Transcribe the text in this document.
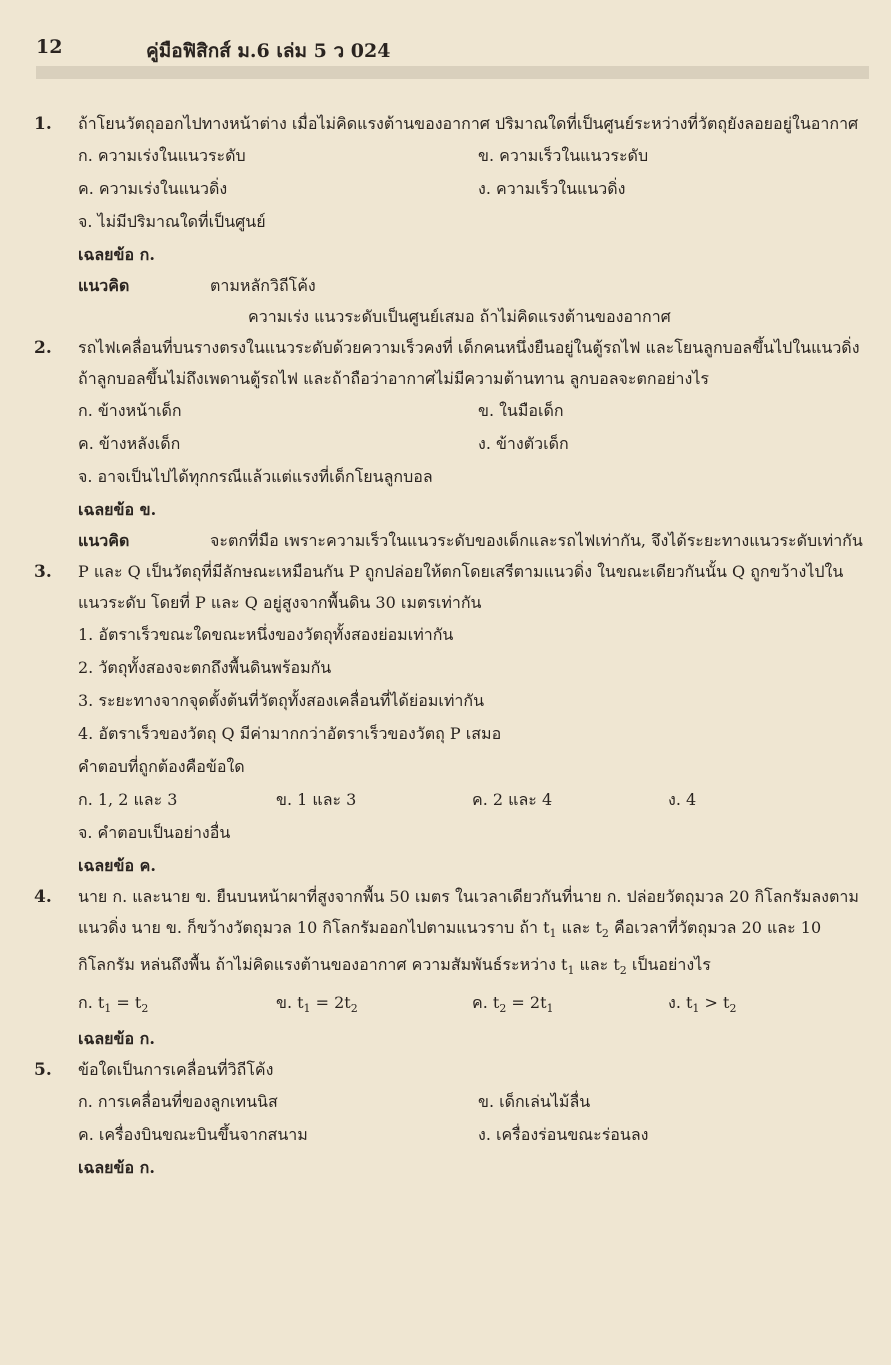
12	คู่มือฟิสิกส์ ม.6 เล่ม 5 ว 024
1. ถ้าโยนวัตถุออกไปทางหน้าต่าง เมื่อไม่คิดแรงต้านของอากาศ ปริมาณใดที่เป็นศูนย์ระหว่างที่วัตถุยังลอยอยู่ในอากาศ
ก. ความเร่งในแนวระดับ	ข. ความเร็วในแนวระดับ
ค. ความเร่งในแนวดิ่ง	ง. ความเร็วในแนวดิ่ง
จ. ไม่มีปริมาณใดที่เป็นศูนย์
เฉลยข้อ ก.
แนวคิด	ตามหลักวิถีโค้ง
ความเร่ง แนวระดับเป็นศูนย์เสมอ ถ้าไม่คิดแรงต้านของอากาศ
2. รถไฟเคลื่อนที่บนรางตรงในแนวระดับด้วยความเร็วคงที่ เด็กคนหนึ่งยืนอยู่ในตู้รถไฟ และโยนลูกบอลขึ้นไปในแนวดิ่ง ถ้าลูกบอลขึ้นไม่ถึงเพดานตู้รถไฟ และถ้าถือว่าอากาศไม่มีความต้านทาน ลูกบอลจะตกอย่างไร
ก. ข้างหน้าเด็ก	ข. ในมือเด็ก
ค. ข้างหลังเด็ก	ง. ข้างตัวเด็ก
จ. อาจเป็นไปได้ทุกกรณีแล้วแต่แรงที่เด็กโยนลูกบอล
เฉลยข้อ ข.
แนวคิด	จะตกที่มือ เพราะความเร็วในแนวระดับของเด็กและรถไฟเท่ากัน, จึงได้ระยะทางแนวระดับเท่ากัน
3. P และ Q เป็นวัตถุที่มีลักษณะเหมือนกัน P ถูกปล่อยให้ตกโดยเสรีตามแนวดิ่ง ในขณะเดียวกันนั้น Q ถูกขว้างไปในแนวระดับ โดยที่ P และ Q อยู่สูงจากพื้นดิน 30 เมตรเท่ากัน
1. อัตราเร็วขณะใดขณะหนึ่งของวัตถุทั้งสองย่อมเท่ากัน
2. วัตถุทั้งสองจะตกถึงพื้นดินพร้อมกัน
3. ระยะทางจากจุดตั้งต้นที่วัตถุทั้งสองเคลื่อนที่ได้ย่อมเท่ากัน
4. อัตราเร็วของวัตถุ Q มีค่ามากกว่าอัตราเร็วของวัตถุ P เสมอ
คำตอบที่ถูกต้องคือข้อใด
ก. 1, 2 และ 3	ข. 1 และ 3	ค. 2 และ 4	ง. 4
จ. คำตอบเป็นอย่างอื่น
เฉลยข้อ ค.
4. นาย ก. และนาย ข. ยืนบนหน้าผาที่สูงจากพื้น 50 เมตร ในเวลาเดียวกันที่นาย ก. ปล่อยวัตถุมวล 20 กิโลกรัมลงตามแนวดิ่ง นาย ข. ก็ขว้างวัตถุมวล 10 กิโลกรัมออกไปตามแนวราบ ถ้า $t_1$ และ $t_2$ คือเวลาที่วัตถุมวล 20 และ 10 กิโลกรัม หล่นถึงพื้น ถ้าไม่คิดแรงต้านของอากาศ ความสัมพันธ์ระหว่าง $t_1$ และ $t_2$ เป็นอย่างไร
ก. $t_1 = t_2$	ข. $t_1 = 2t_2$	ค. $t_2 = 2t_1$	ง. $t_1 > t_2$
เฉลยข้อ ก.
5. ข้อใดเป็นการเคลื่อนที่วิถีโค้ง
ก. การเคลื่อนที่ของลูกเทนนิส	ข. เด็กเล่นไม้ลื่น
ค. เครื่องบินขณะบินขึ้นจากสนาม	ง. เครื่องร่อนขณะร่อนลง
เฉลยข้อ ก.
